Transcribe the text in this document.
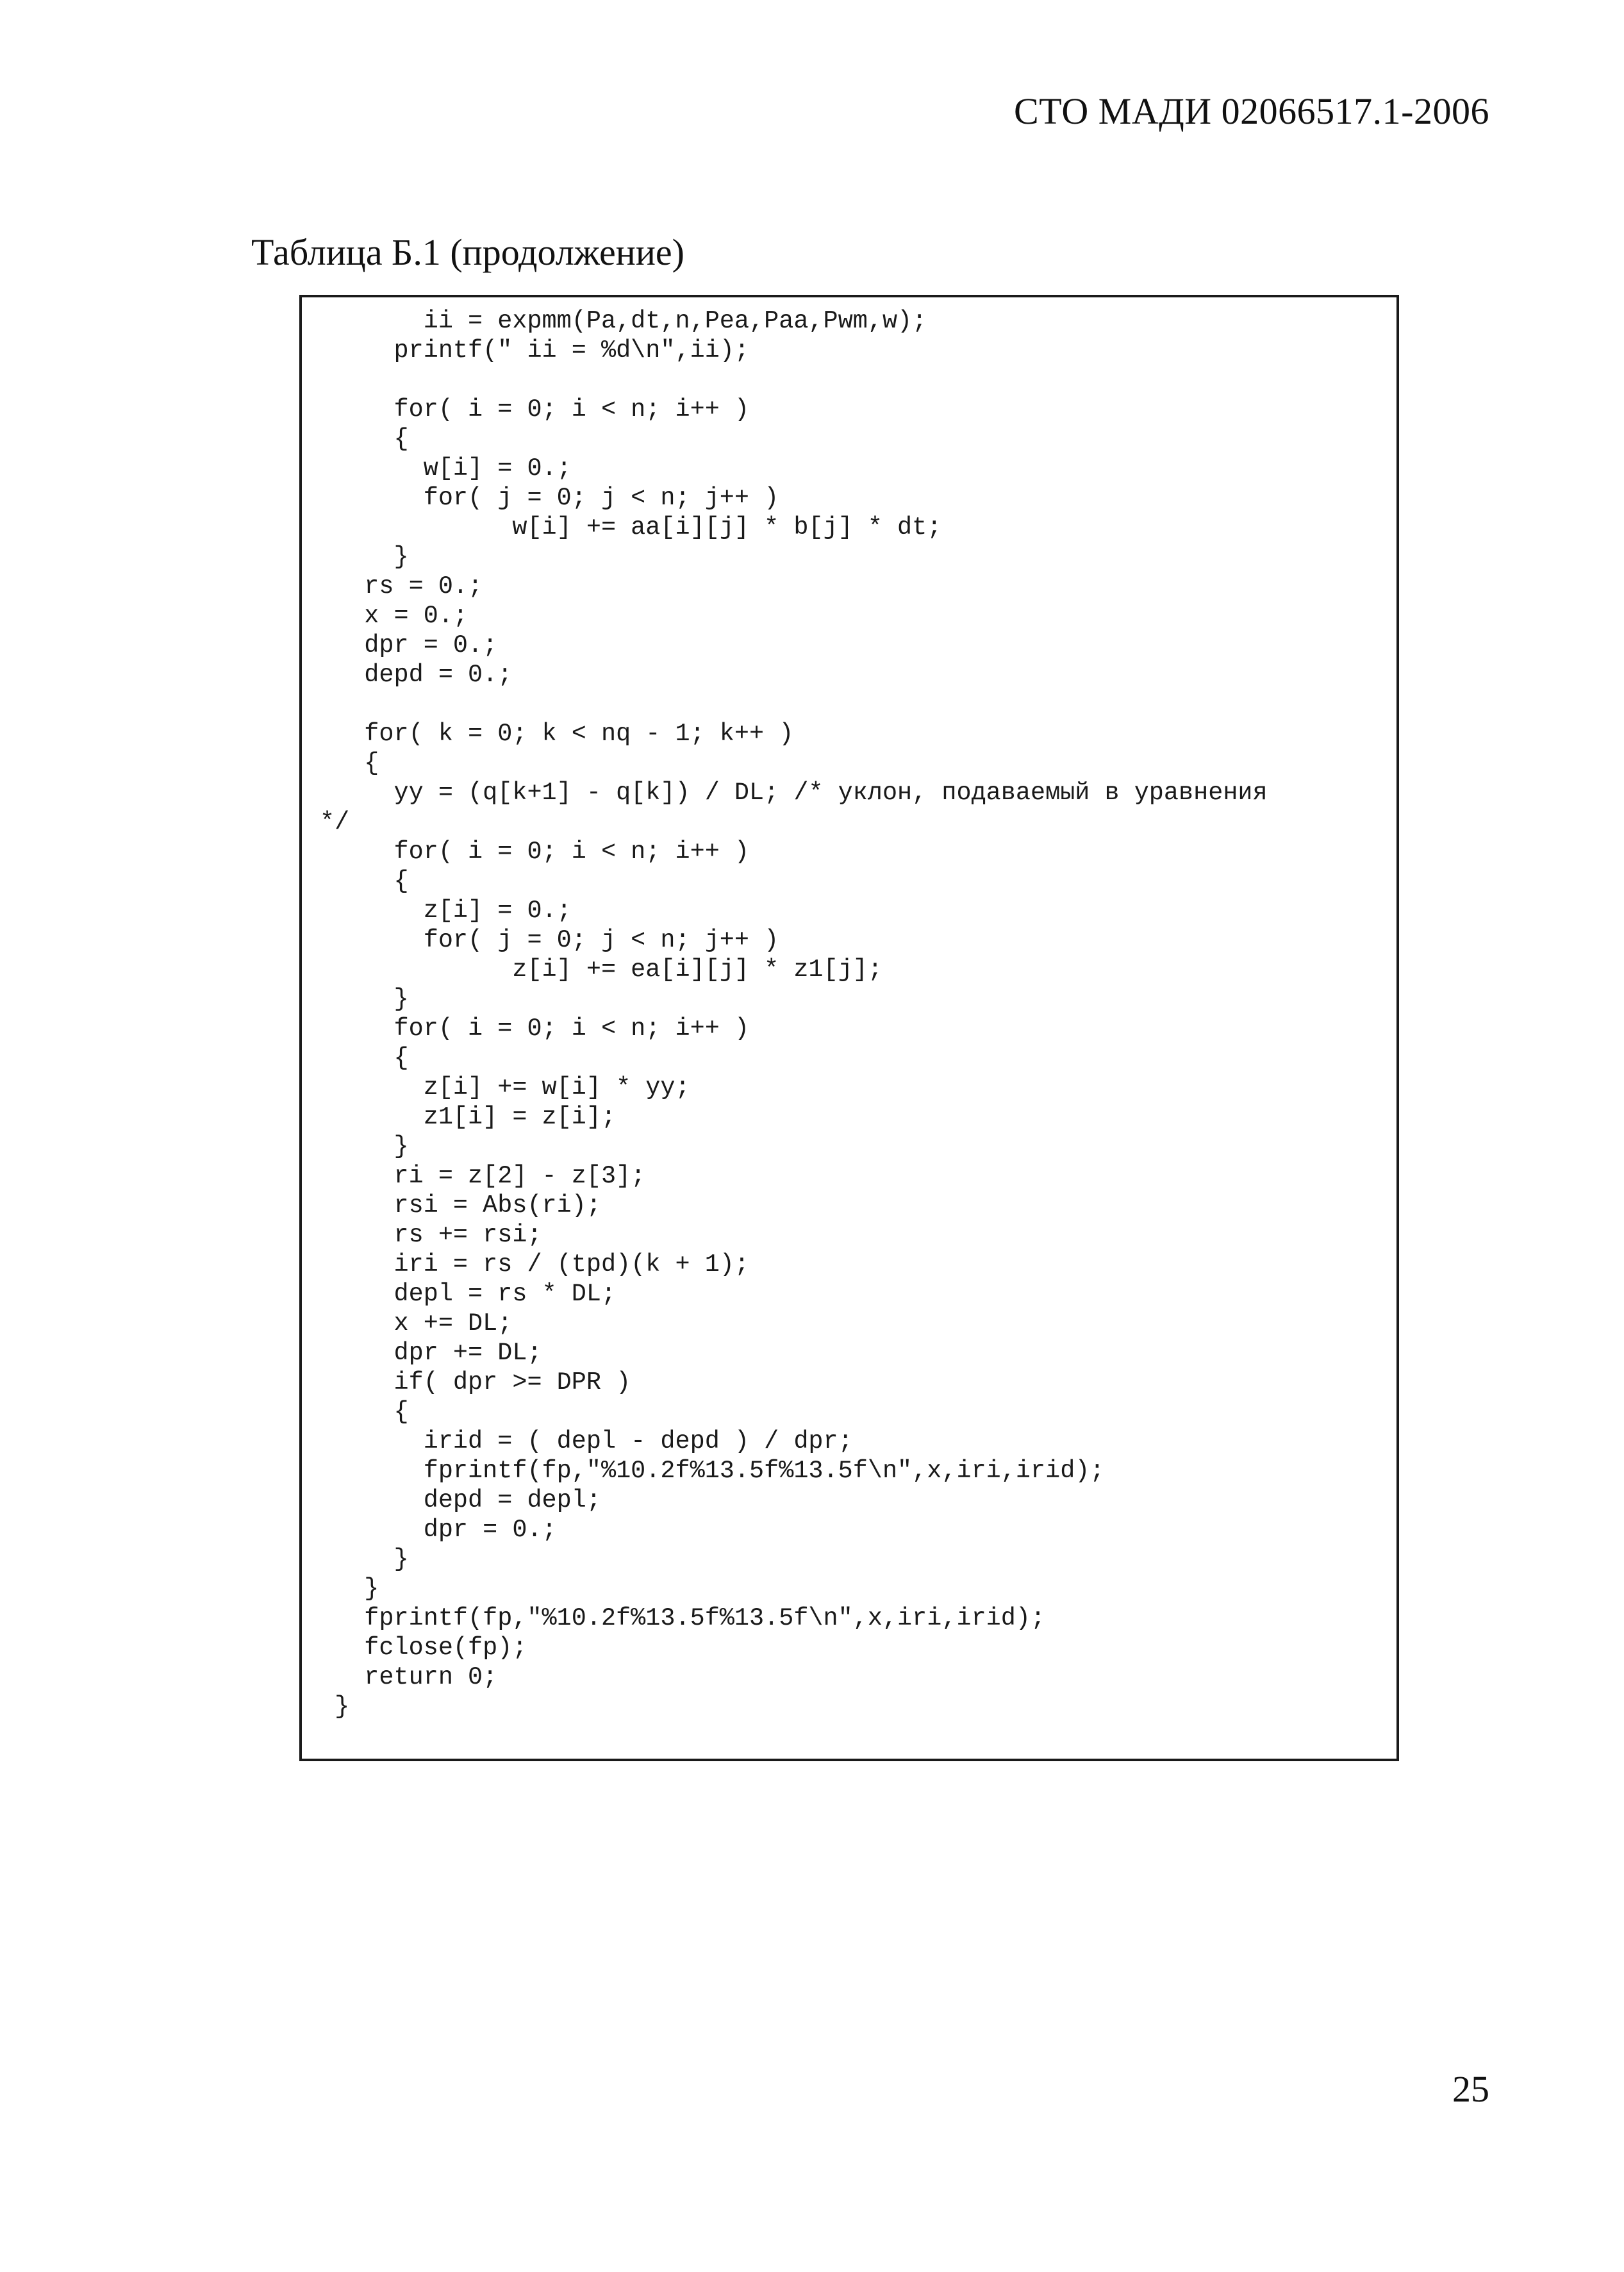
СТО МАДИ 02066517.1-2006
Таблица Б.1 (продолжение)
ii = expmm(Pa,dt,n,Pea,Paa,Pwm,w);
printf(" ii = %d\n",ii);
for( i = 0; i < n; i++ )
{
w[i] = 0.;
for( j = 0; j < n; j++ )
w[i] += aa[i][j] * b[j] * dt;
}
rs = 0.;
x = 0.;
dpr = 0.;
depd = 0.;
for( k = 0; k < nq - 1; k++ )
{
yy = (q[k+1] - q[k]) / DL; /* уклон, подаваемый в уравнения
*/
for( i = 0; i < n; i++ )
{
z[i] = 0.;
for( j = 0; j < n; j++ )
z[i] += ea[i][j] * z1[j];
}
for( i = 0; i < n; i++ )
{
z[i] += w[i] * yy;
z1[i] = z[i];
}
ri = z[2] - z[3];
rsi = Abs(ri);
rs += rsi;
iri = rs / (tpd)(k + 1);
depl = rs * DL;
x += DL;
dpr += DL;
if( dpr >= DPR )
{
irid = ( depl - depd ) / dpr;
fprintf(fp,"%10.2f%13.5f%13.5f\n",x,iri,irid);
depd = depl;
dpr = 0.;
}
}
fprintf(fp,"%10.2f%13.5f%13.5f\n",x,iri,irid);
fclose(fp);
return 0;
}
25
